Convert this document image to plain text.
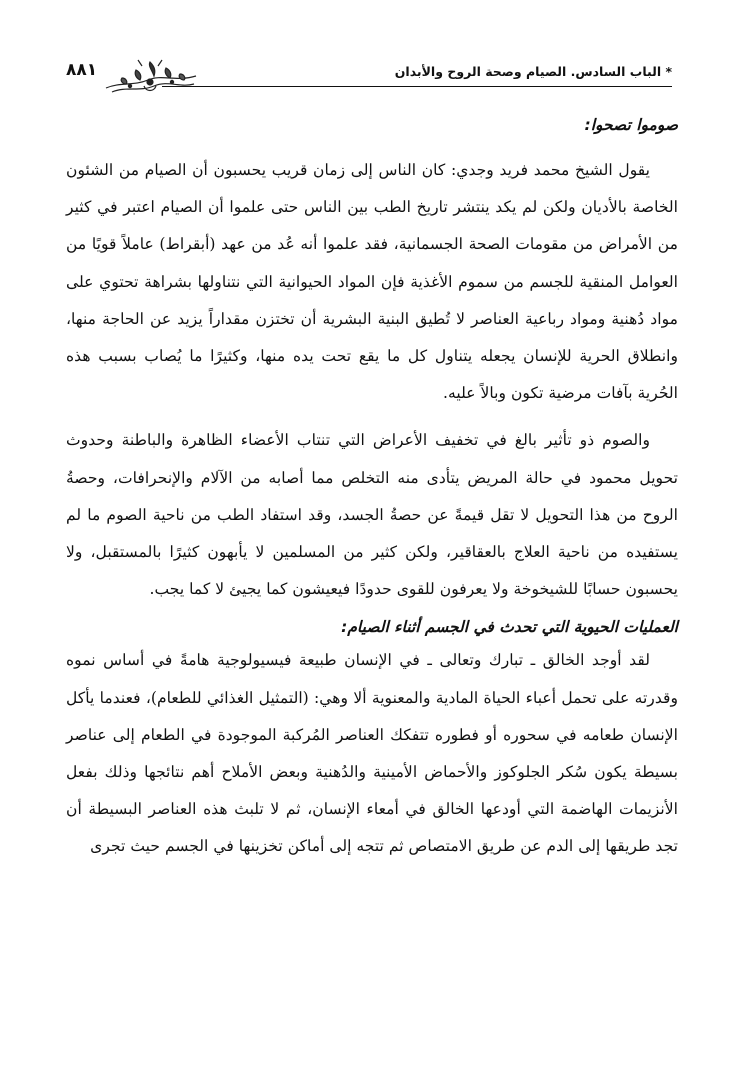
٨٨١	* الباب السادس. الصيام وصحة الروح والأبدان
صوموا تصحوا:

يقول الشيخ محمد فريد وجدي: كان الناس إلى زمان قريب يحسبون أن الصيام من الشئون الخاصة بالأديان ولكن لم يكد ينتشر تاريخ الطب بين الناس حتى علموا أن الصيام اعتبر في كثير من الأمراض من مقومات الصحة الجسمانية، فقد علموا أنه عُد من عهد (أبقراط) عاملاً قويًا من العوامل المنقية للجسم من سموم الأغذية فإن المواد الحيوانية التي نتناولها بشراهة تحتوي على مواد دُهنية ومواد رباعية العناصر لا تُطيق البنية البشرية أن تختزن مقداراً يزيد عن الحاجة منها، وانطلاق الحرية للإنسان يجعله يتناول كل ما يقع تحت يده منها، وكثيرًا ما يُصاب بسبب هذه الحُرية بآفات مرضية تكون وبالاً عليه.

والصوم ذو تأثير بالغ في تخفيف الأعراض التي تنتاب الأعضاء الظاهرة والباطنة وحدوث تحويل محمود في حالة المريض يتأدى منه التخلص مما أصابه من الآلام والإنحرافات، وحصةُ الروح من هذا التحويل لا تقل قيمةً عن حصةُ الجسد، وقد استفاد الطب من ناحية الصوم ما لم يستفيده من ناحية العلاج بالعقاقير، ولكن كثير من المسلمين لا يأبهون كثيرًا بالمستقبل، ولا يحسبون حسابًا للشيخوخة ولا يعرفون للقوى حدودًا فيعيشون كما يجيئ لا كما يجب.

العمليات الحيوية التي تحدث في الجسم أثناء الصيام:

لقد أوجد الخالق ـ تبارك وتعالى ـ في الإنسان طبيعة فيسيولوجية هامةً في أساس نموه وقدرته على تحمل أعباء الحياة المادية والمعنوية ألا وهي: (التمثيل الغذائي للطعام)، فعندما يأكل الإنسان طعامه في سحوره أو فطوره تتفكك العناصر المُركبة الموجودة في الطعام إلى عناصر بسيطة يكون سُكر الجلوكوز والأحماض الأمينية والدُهنية وبعض الأملاح أهم نتائجها وذلك بفعل الأنزيمات الهاضمة التي أودعها الخالق في أمعاء الإنسان، ثم لا تلبث هذه العناصر البسيطة أن تجد طريقها إلى الدم عن طريق الامتصاص ثم تتجه إلى أماكن تخزينها في الجسم حيث تجرى
